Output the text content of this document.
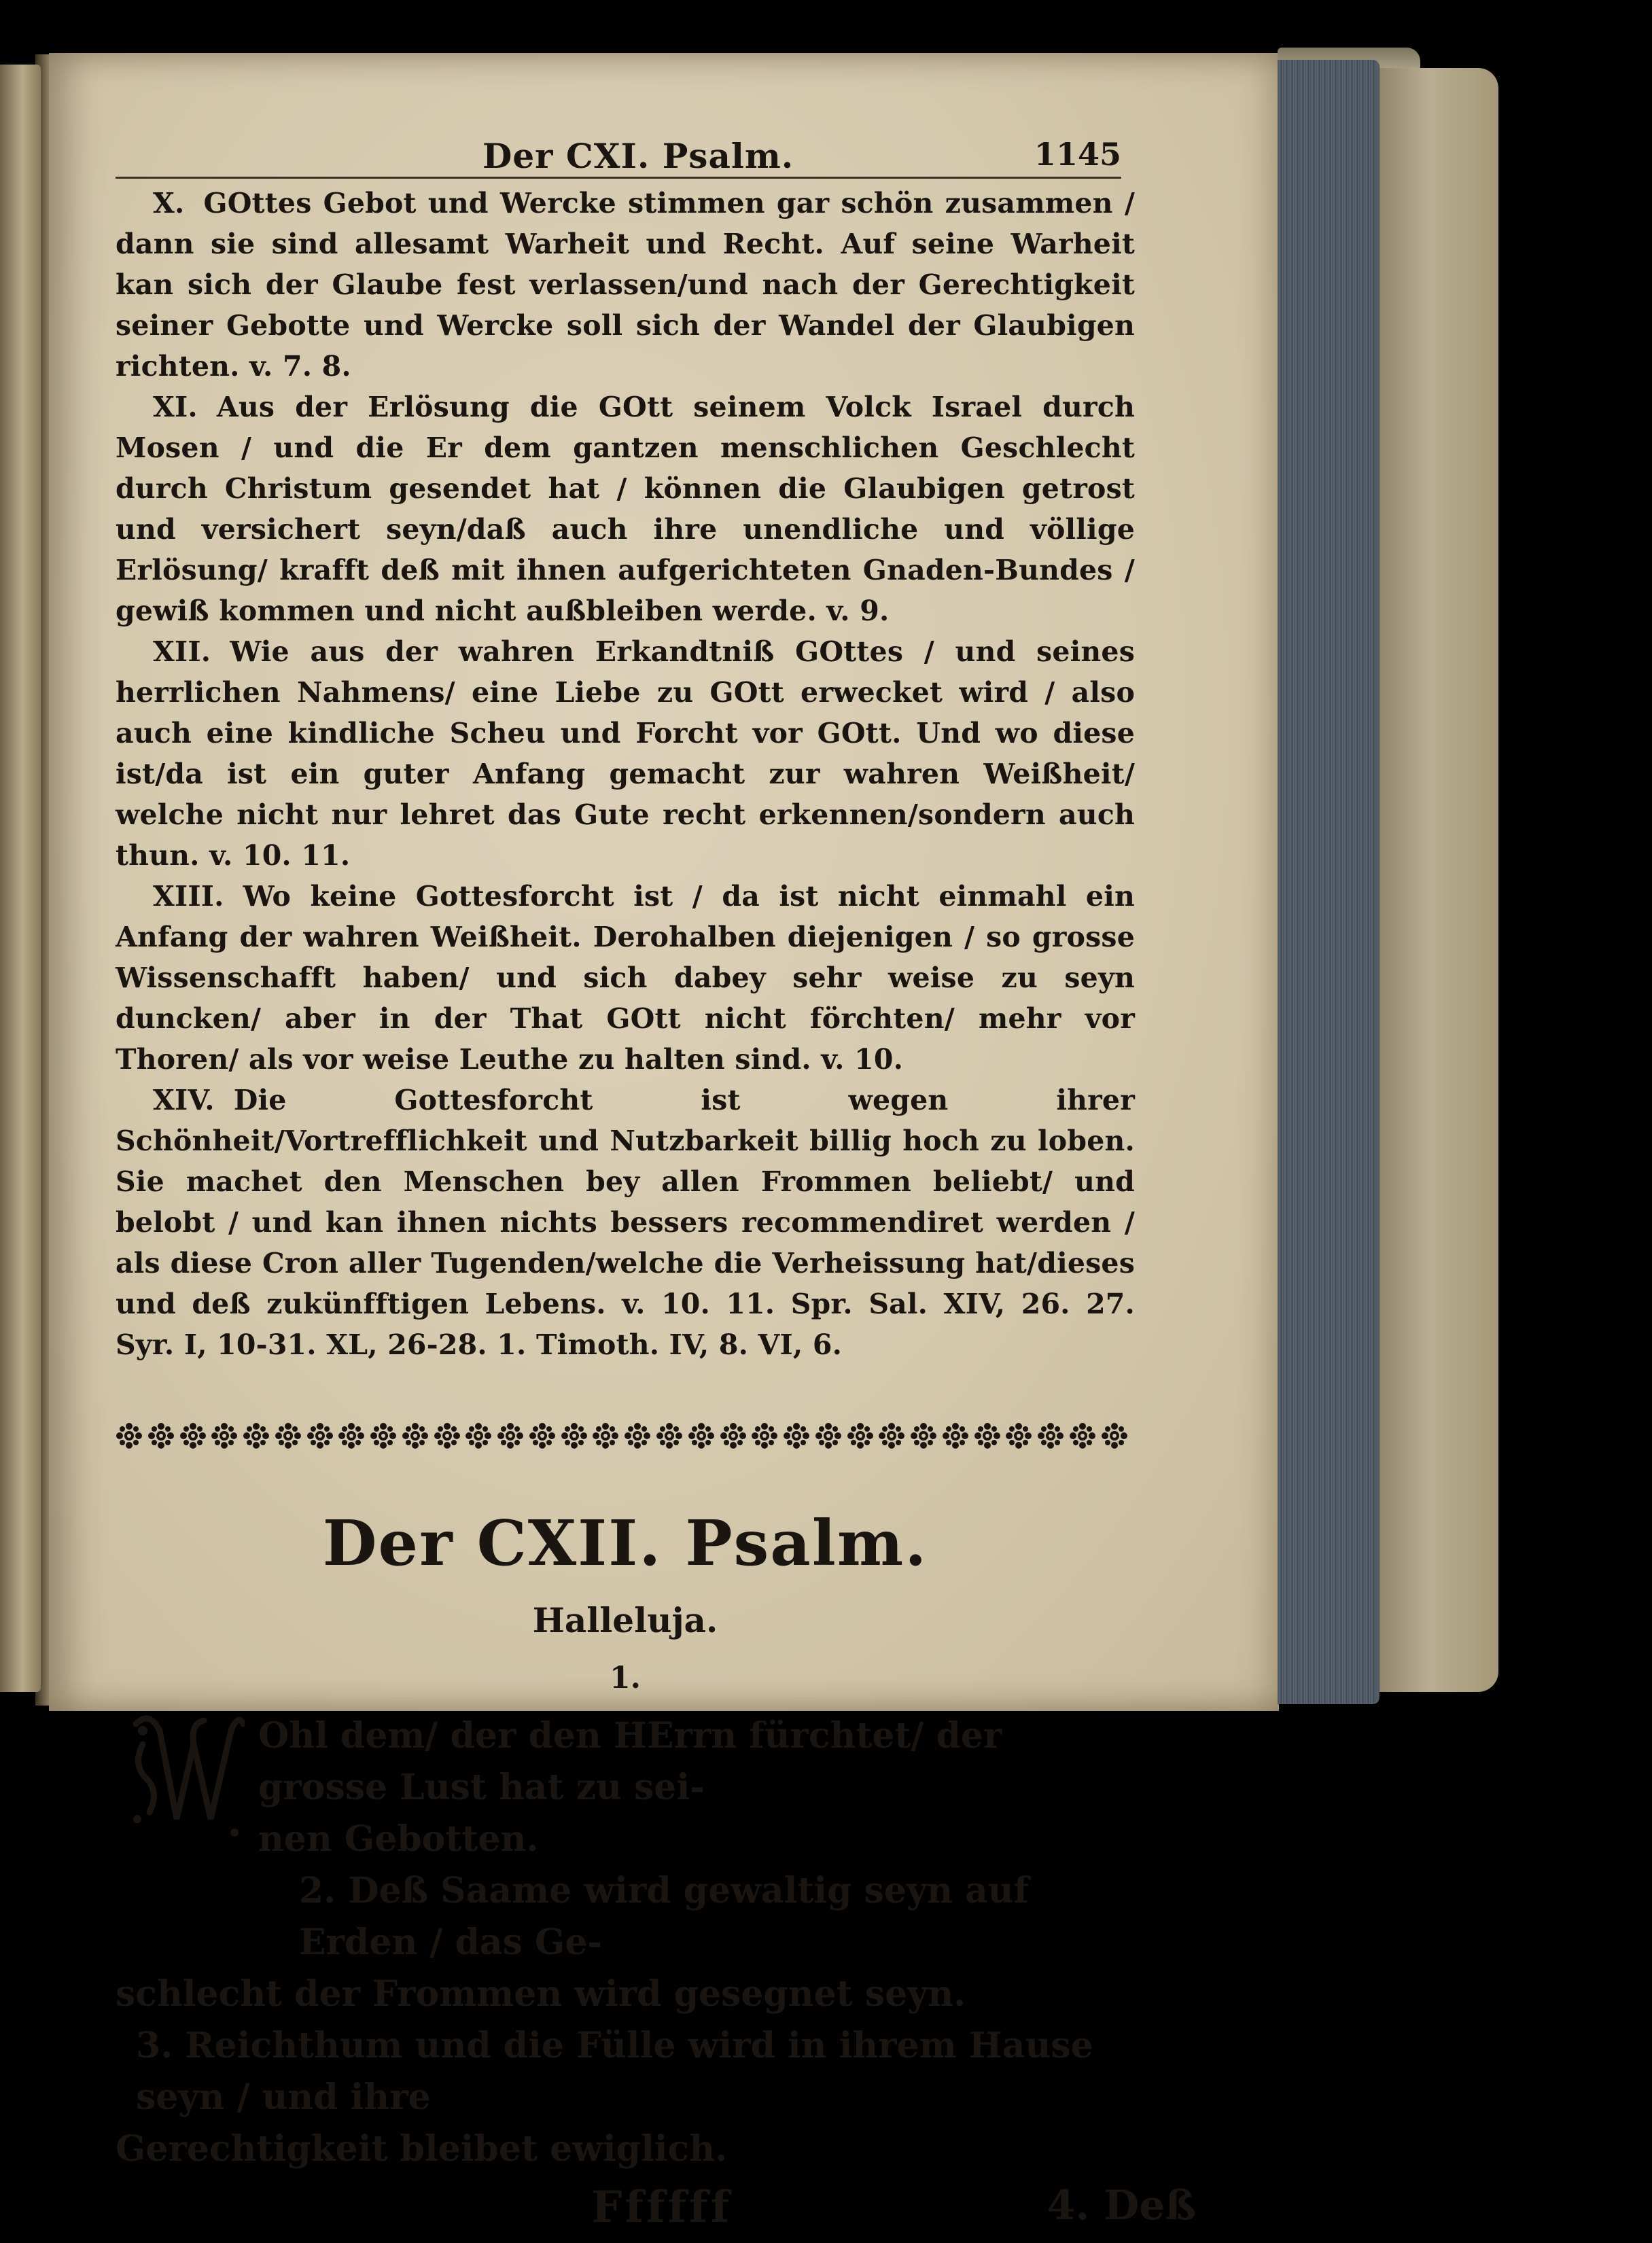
Der CXI. Psalm.	1145

X. GOttes Gebot und Wercke stimmen gar schön zusammen / dann sie sind allesamt Warheit und Recht. Auf seine Warheit kan sich der Glaube fest verlassen/und nach der Gerechtigkeit seiner Gebotte und Wercke soll sich der Wandel der Glaubigen richten. v. 7. 8.

XI. Aus der Erlösung die GOtt seinem Volck Israel durch Mosen / und die Er dem gantzen menschlichen Geschlecht durch Christum gesendet hat / können die Glaubigen getrost und versichert seyn/daß auch ihre unendliche und völlige Erlösung/ krafft deß mit ihnen aufgerichteten Gnaden-Bundes / gewiß kommen und nicht außbleiben werde. v. 9.

XII. Wie aus der wahren Erkandtniß GOttes / und seines herrlichen Nahmens/ eine Liebe zu GOtt erwecket wird / also auch eine kindliche Scheu und Forcht vor GOtt. Und wo diese ist/da ist ein guter Anfang gemacht zur wahren Weißheit/ welche nicht nur lehret das Gute recht erkennen/sondern auch thun. v. 10. 11.

XIII. Wo keine Gottesforcht ist / da ist nicht einmahl ein Anfang der wahren Weißheit. Derohalben diejenigen / so grosse Wissenschafft haben/ und sich dabey sehr weise zu seyn duncken/ aber in der That GOtt nicht förchten/ mehr vor Thoren/ als vor weise Leuthe zu halten sind. v. 10.

XIV. Die Gottesforcht ist wegen ihrer Schönheit/Vortrefflichkeit und Nutzbarkeit billig hoch zu loben. Sie machet den Menschen bey allen Frommen beliebt/ und belobt / und kan ihnen nichts bessers recommendiret werden / als diese Cron aller Tugenden/welche die Verheissung hat/dieses und deß zukünfftigen Lebens. v. 10. 11. Spr. Sal. XIV, 26. 27. Syr. I, 10-31. XL, 26-28. 1. Timoth. IV, 8. VI, 6.

Der CXII. Psalm.
Halleluja.
1.

Ohl dem/ der den HErrn fürchtet/ der grosse Lust hat zu sei-

nen Gebotten.

2. Deß Saame wird gewaltig seyn auf Erden / das Ge-

schlecht der Frommen wird gesegnet seyn.

3. Reichthum und die Fülle wird in ihrem Hause seyn / und ihre

Gerechtigkeit bleibet ewiglich.

Ffffff	4. Deß
